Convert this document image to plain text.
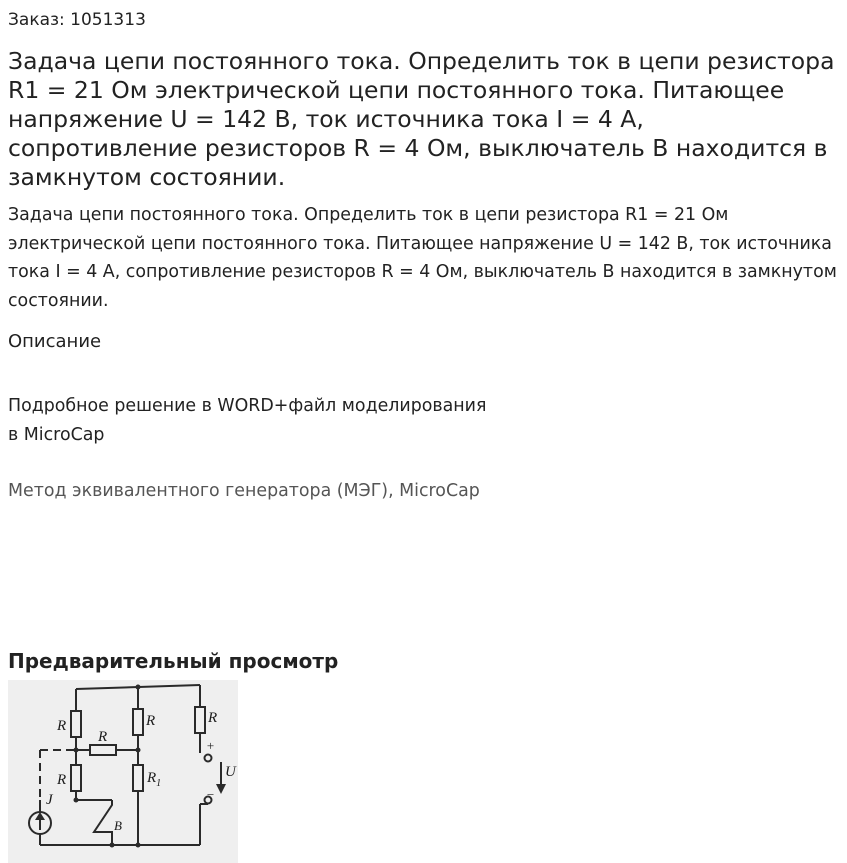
Заказ: 1051313

Задача цепи постоянного тока. Определить ток в цепи резистора R1 = 21 Ом электрической цепи постоянного тока. Питающее напряжение U = 142 В, ток источника тока I = 4 А, сопротивление резисторов R = 4 Ом, выключатель В находится в замкнутом состоянии.

Задача цепи постоянного тока. Определить ток в цепи резистора R1 = 21 Ом электрической цепи постоянного тока. Питающее напряжение U = 142 В, ток источника тока I = 4 А, сопротивление резисторов R = 4 Ом, выключатель В находится в замкнутом состоянии.

Описание

Подробное решение в WORD+файл моделирования
в MicroCap

Метод эквивалентного генератора (МЭГ), MicroCap

Предварительный просмотр
R	R	R
R
R	$R_1$
U
+
−
J
B
